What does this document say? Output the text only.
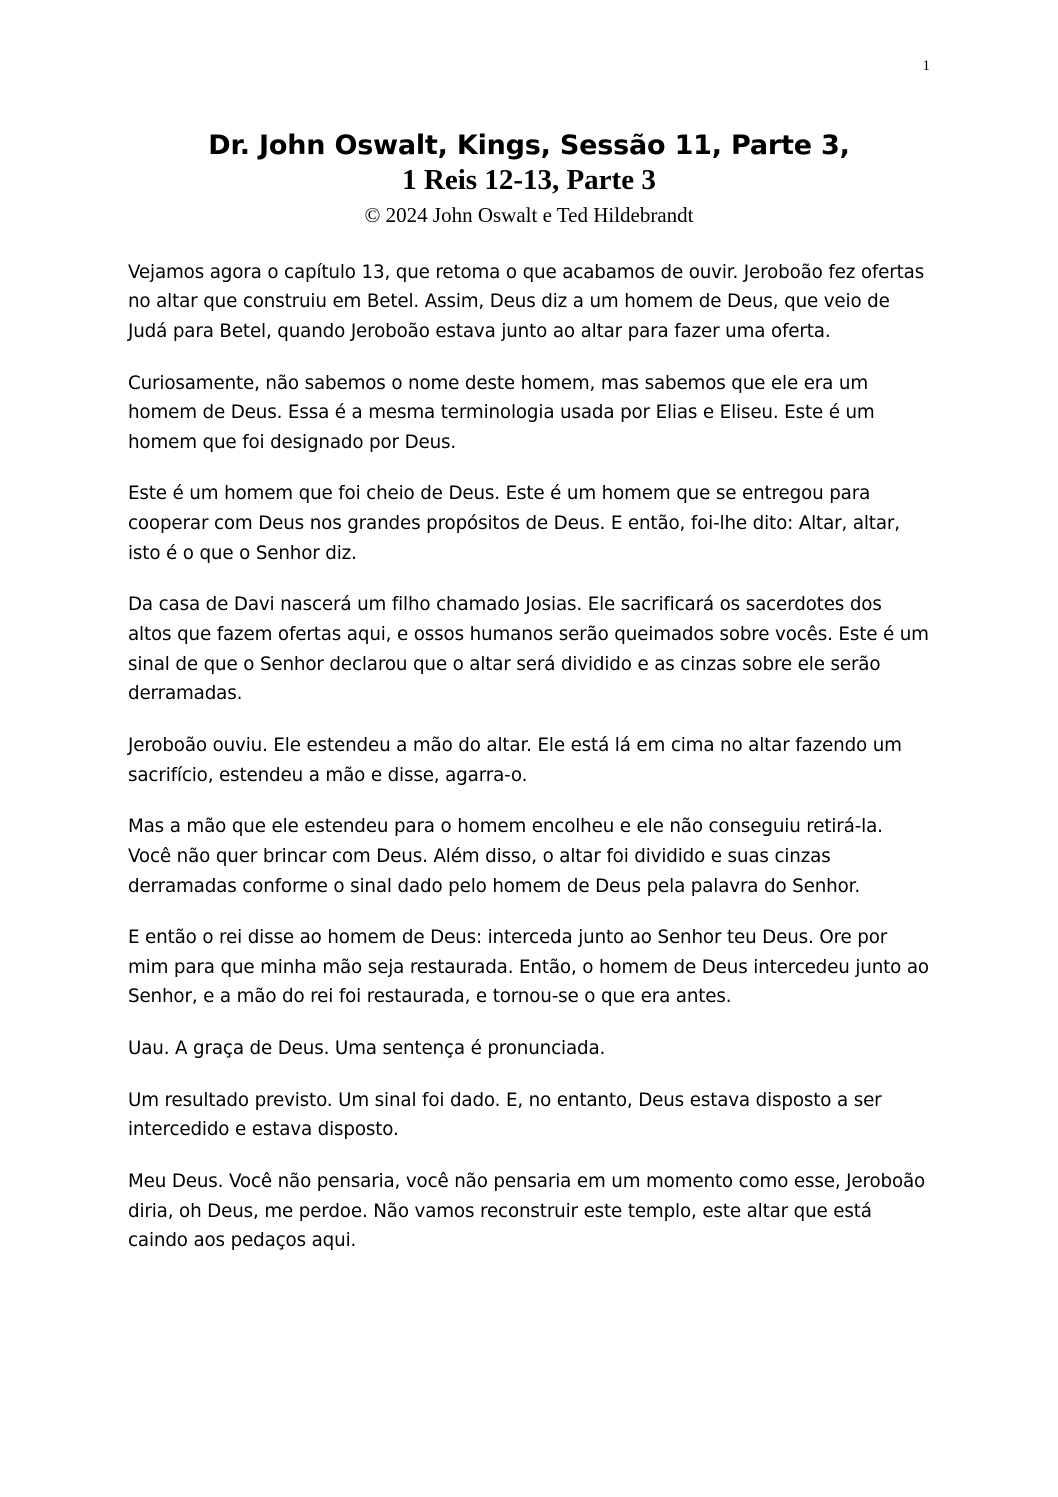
1
Dr. John Oswalt, Kings, Sessão 11, Parte 3,
1 Reis 12-13, Parte 3
© 2024 John Oswalt e Ted Hildebrandt

Vejamos agora o capítulo 13, que retoma o que acabamos de ouvir. Jeroboão fez ofertas no altar que construiu em Betel. Assim, Deus diz a um homem de Deus, que veio de Judá para Betel, quando Jeroboão estava junto ao altar para fazer uma oferta.

Curiosamente, não sabemos o nome deste homem, mas sabemos que ele era um homem de Deus. Essa é a mesma terminologia usada por Elias e Eliseu. Este é um homem que foi designado por Deus.

Este é um homem que foi cheio de Deus. Este é um homem que se entregou para cooperar com Deus nos grandes propósitos de Deus. E então, foi-lhe dito: Altar, altar, isto é o que o Senhor diz.

Da casa de Davi nascerá um filho chamado Josias. Ele sacrificará os sacerdotes dos altos que fazem ofertas aqui, e ossos humanos serão queimados sobre vocês. Este é um sinal de que o Senhor declarou que o altar será dividido e as cinzas sobre ele serão derramadas.

Jeroboão ouviu. Ele estendeu a mão do altar. Ele está lá em cima no altar fazendo um sacrifício, estendeu a mão e disse, agarra-o.

Mas a mão que ele estendeu para o homem encolheu e ele não conseguiu retirá-la. Você não quer brincar com Deus. Além disso, o altar foi dividido e suas cinzas derramadas conforme o sinal dado pelo homem de Deus pela palavra do Senhor.

E então o rei disse ao homem de Deus: interceda junto ao Senhor teu Deus. Ore por mim para que minha mão seja restaurada. Então, o homem de Deus intercedeu junto ao Senhor, e a mão do rei foi restaurada, e tornou-se o que era antes.

Uau. A graça de Deus. Uma sentença é pronunciada.

Um resultado previsto. Um sinal foi dado. E, no entanto, Deus estava disposto a ser intercedido e estava disposto.

Meu Deus. Você não pensaria, você não pensaria em um momento como esse, Jeroboão diria, oh Deus, me perdoe. Não vamos reconstruir este templo, este altar que está caindo aos pedaços aqui.
